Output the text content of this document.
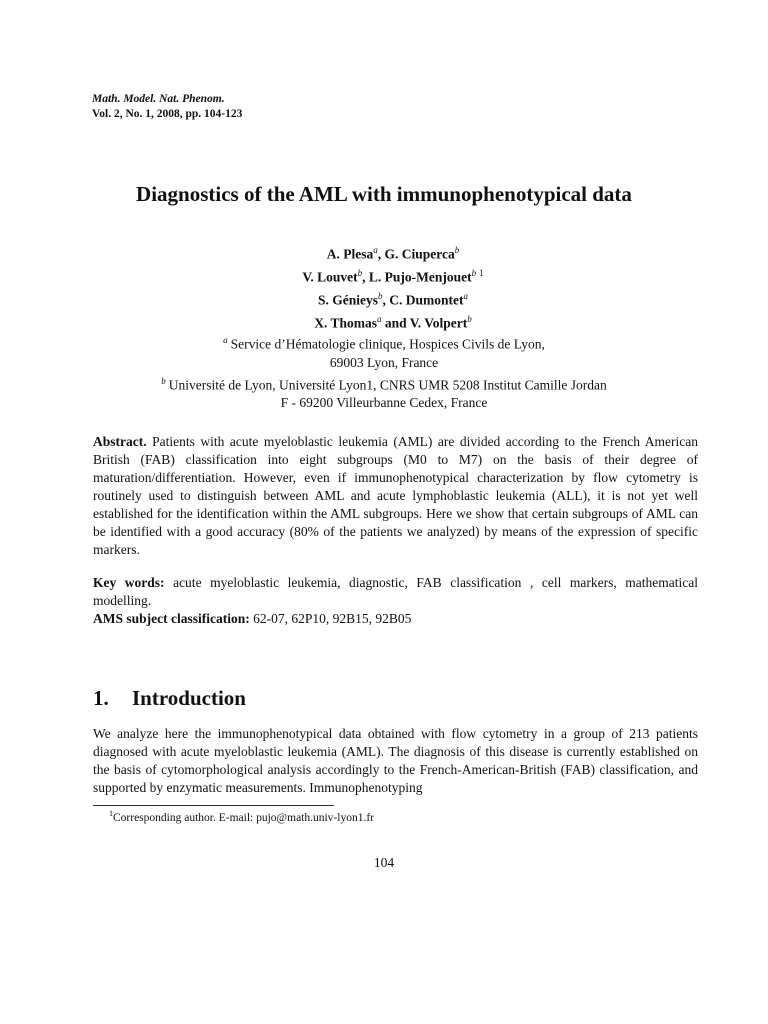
Math. Model. Nat. Phenom.
Vol. 2, No. 1, 2008, pp. 104-123
Diagnostics of the AML with immunophenotypical data
A. Plesa$^a$, G. Ciuperca$^b$
V. Louvet$^b$, L. Pujo-Menjouet$^b$ $^1$
S. Génieys$^b$, C. Dumontet$^a$
X. Thomas$^a$ and V. Volpert$^b$
$^a$ Service d’Hématologie clinique, Hospices Civils de Lyon,
69003 Lyon, France
$^b$ Université de Lyon, Université Lyon1, CNRS UMR 5208 Institut Camille Jordan
F - 69200 Villeurbanne Cedex, France

Abstract. Patients with acute myeloblastic leukemia (AML) are divided according to the French American British (FAB) classification into eight subgroups (M0 to M7) on the basis of their degree of maturation/differentiation. However, even if immunophenotypical characterization by flow cytometry is routinely used to distinguish between AML and acute lymphoblastic leukemia (ALL), it is not yet well established for the identification within the AML subgroups. Here we show that certain subgroups of AML can be identified with a good accuracy (80% of the patients we analyzed) by means of the expression of specific markers.

Key words: acute myeloblastic leukemia, diagnostic, FAB classification , cell markers, mathematical modelling.

AMS subject classification: 62-07, 62P10, 92B15, 92B05

1. Introduction

We analyze here the immunophenotypical data obtained with flow cytometry in a group of 213 patients diagnosed with acute myeloblastic leukemia (AML). The diagnosis of this disease is currently established on the basis of cytomorphological analysis accordingly to the French-American-British (FAB) classification, and supported by enzymatic measurements. Immunophenotyping

$^1$Corresponding author. E-mail: pujo@math.univ-lyon1.fr
104
